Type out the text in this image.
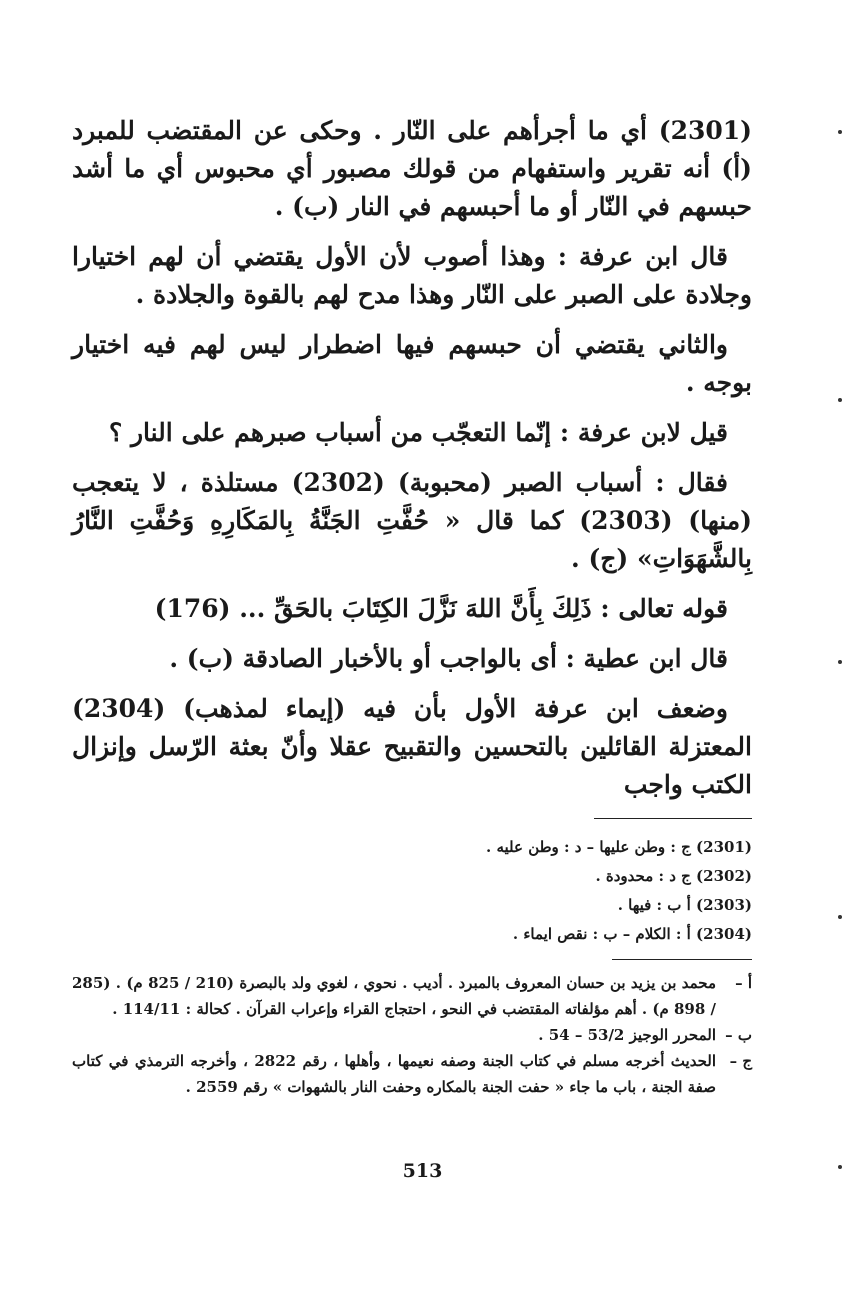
(2301) أي ما أجرأهم على النّار . وحكى عن المقتضب للمبرد (أ) أنه تقرير واستفهام من قولك مصبور أي محبوس أي ما أشد حبسهم في النّار أو ما أحبسهم في النار (ب) .

قال ابن عرفة : وهذا أصوب لأن الأول يقتضي أن لهم اختيارا وجلادة على الصبر على النّار وهذا مدح لهم بالقوة والجلادة .

والثاني يقتضي أن حبسهم فيها اضطرار ليس لهم فيه اختيار بوجه .

قيل لابن عرفة : إنّما التعجّب من أسباب صبرهم على النار ؟

فقال : أسباب الصبر (محبوبة) (2302) مستلذة ، لا يتعجب (منها) (2303) كما قال « حُفَّتِ الجَنَّةُ بِالمَكَارِهِ وَحُفَّتِ النَّارُ بِالشَّهَوَاتِ» (ج) .

قوله تعالى : ذَلِكَ بِأَنَّ اللهَ نَزَّلَ الكِتَابَ بالحَقِّ ... (176)

قال ابن عطية : أى بالواجب أو بالأخبار الصادقة (ب) .

وضعف ابن عرفة الأول بأن فيه (إيماء لمذهب) (2304) المعتزلة القائلين بالتحسين والتقبيح عقلا وأنّ بعثة الرّسل وإنزال الكتب واجب

(2301) ج : وطن عليها – د : وطن عليه .
(2302) ج د : محدودة .
(2303) أ ب : فيها .
(2304) أ : الكلام – ب : نقص ايماء .
أ –
محمد بن يزيد بن حسان المعروف بالمبرد . أديب . نحوي ، لغوي ولد بالبصرة (210 / 825 م) . (285 / 898 م) . أهم مؤلفاته المقتضب في النحو ، احتجاج القراء وإعراب القرآن . كحالة : 114/11 .
ب –
المحرر الوجيز 53/2 – 54 .
ج –
الحديث أخرجه مسلم في كتاب الجنة وصفه نعيمها ، وأهلها ، رقم 2822 ، وأخرجه الترمذي في كتاب صفة الجنة ، باب ما جاء « حفت الجنة بالمكاره وحفت النار بالشهوات » رقم 2559 .
513
